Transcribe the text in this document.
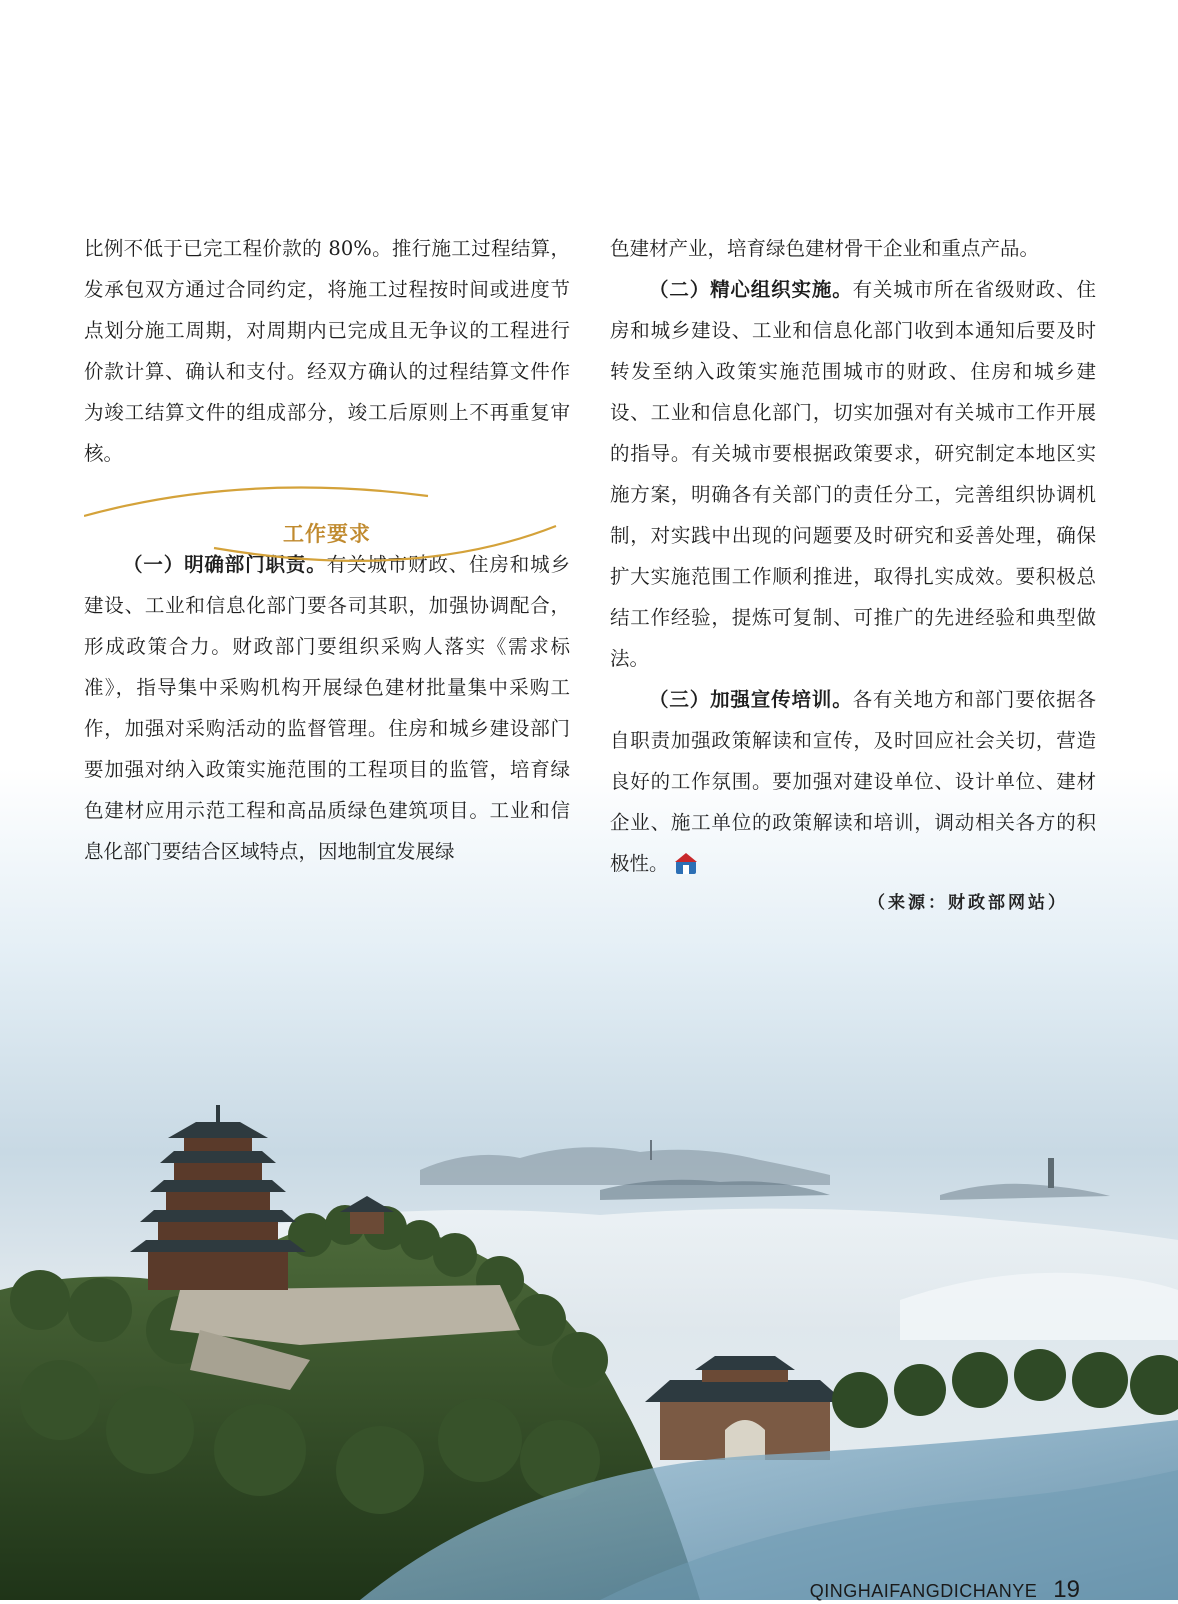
比例不低于已完工程价款的 80%。推行施工过程结算，发承包双方通过合同约定，将施工过程按时间或进度节点划分施工周期，对周期内已完成且无争议的工程进行价款计算、确认和支付。经双方确认的过程结算文件作为竣工结算文件的组成部分，竣工后原则上不再重复审核。

（一）明确部门职责。有关城市财政、住房和城乡建设、工业和信息化部门要各司其职，加强协调配合，形成政策合力。财政部门要组织采购人落实《需求标准》，指导集中采购机构开展绿色建材批量集中采购工作，加强对采购活动的监督管理。住房和城乡建设部门要加强对纳入政策实施范围的工程项目的监管，培育绿色建材应用示范工程和高品质绿色建筑项目。工业和信息化部门要结合区域特点，因地制宜发展绿

工作要求

色建材产业，培育绿色建材骨干企业和重点产品。

（二）精心组织实施。有关城市所在省级财政、住房和城乡建设、工业和信息化部门收到本通知后要及时转发至纳入政策实施范围城市的财政、住房和城乡建设、工业和信息化部门，切实加强对有关城市工作开展的指导。有关城市要根据政策要求，研究制定本地区实施方案，明确各有关部门的责任分工，完善组织协调机制，对实践中出现的问题要及时研究和妥善处理，确保扩大实施范围工作顺利推进，取得扎实成效。要积极总结工作经验，提炼可复制、可推广的先进经验和典型做法。

（三）加强宣传培训。各有关地方和部门要依据各自职责加强政策解读和宣传，及时回应社会关切，营造良好的工作氛围。要加强对建设单位、设计单位、建材企业、施工单位的政策解读和培训，调动相关各方的积极性。

（来源：财政部网站）
QINGHAIFANGDICHANYE 19
